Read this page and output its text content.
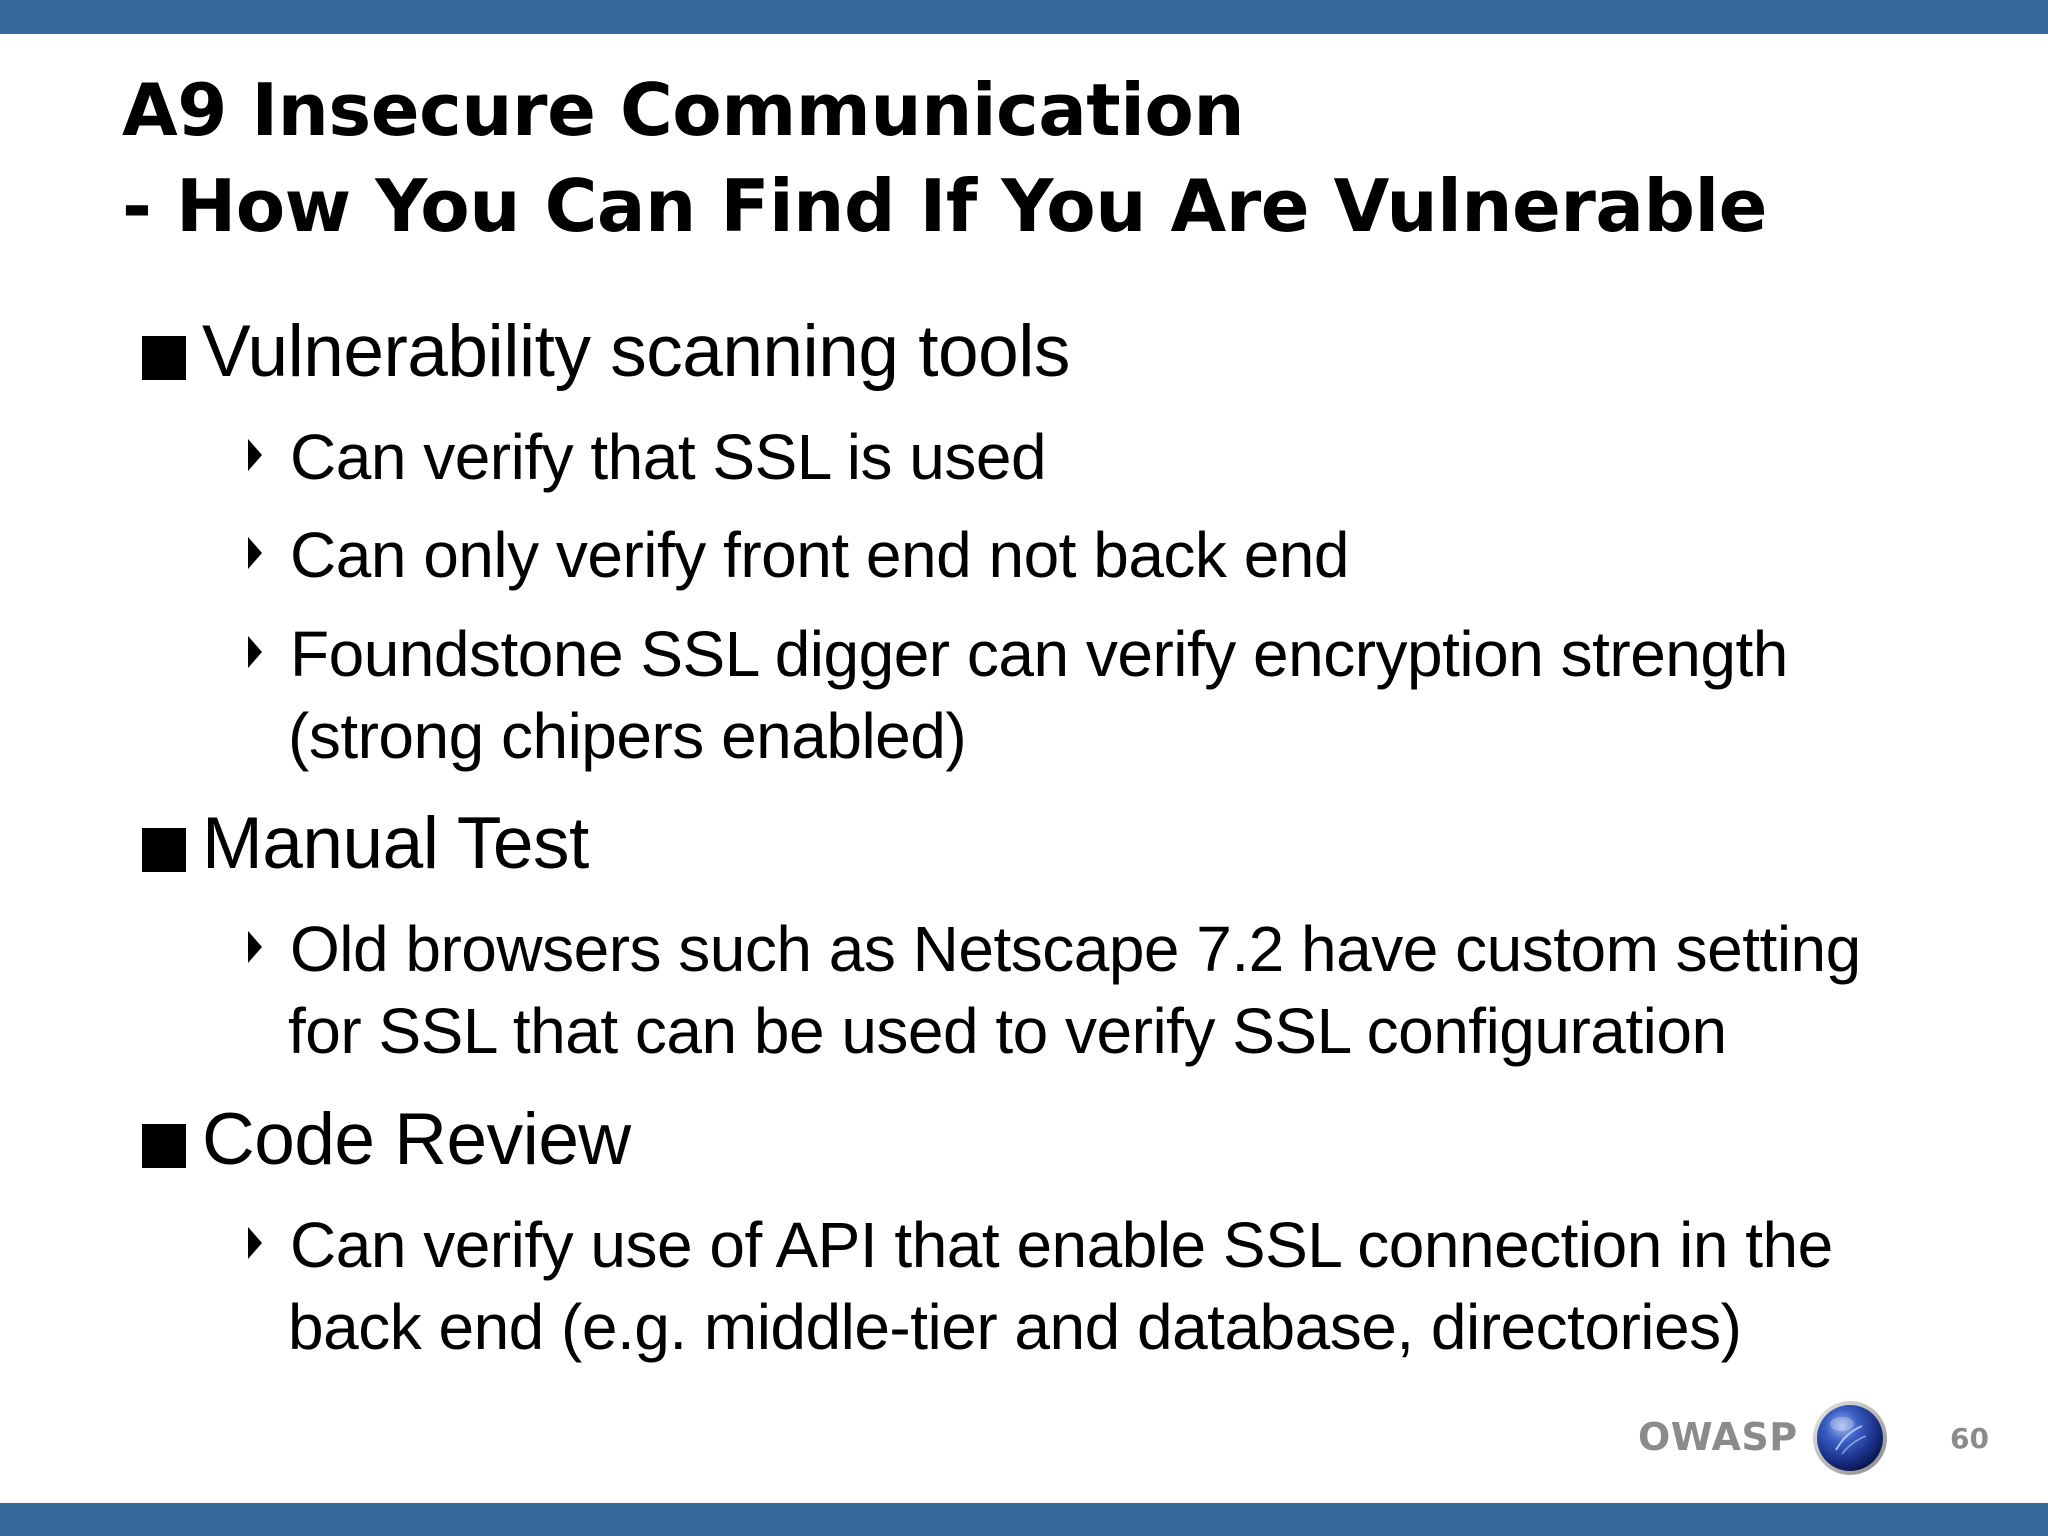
A9 Insecure Communication
- How You Can Find If You Are Vulnerable
Vulnerability scanning tools
Can verify that SSL is used
Can only verify front end not back end
Foundstone SSL digger can verify encryption strength
(strong chipers enabled)
Manual Test
Old browsers such as Netscape 7.2 have custom setting
for SSL that can be used to verify SSL configuration
Code Review
Can verify use of API that enable SSL connection in the
back end (e.g. middle-tier and database, directories)
OWASP	60
